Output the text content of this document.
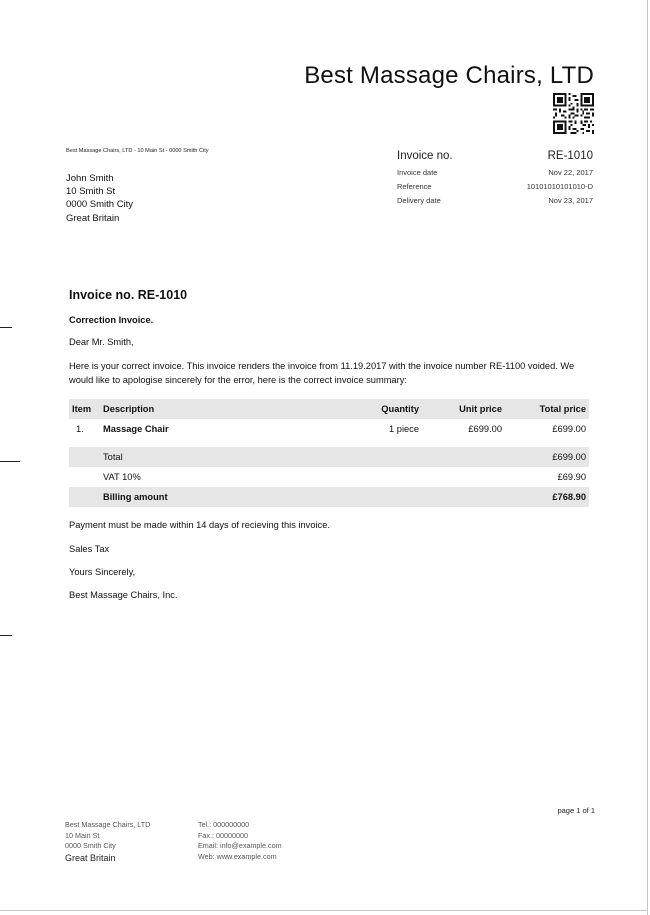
Best Massage Chairs, LTD
Best Massage Chairs, LTD - 10 Main St - 0000 Smith City
John Smith
10 Smith St
0000 Smith City
Great Britain
Invoice no.	RE-1010
Invoice date	Nov 22, 2017
Reference	10101010101010-D
Delivery date	Nov 23, 2017
Invoice no. RE-1010
Correction Invoice.
Dear Mr. Smith,
Here is your correct invoice. This invoice renders the invoice from 11.19.2017 with the invoice number RE-1100 voided. We would like to apologise sincerely for the error, here is the correct invoice summary:
Item	Description	Quantity	Unit price	Total price
1.	Massage Chair	1 piece	£699.00	£699.00

	Total			£699.00
	VAT 10%			£69.90
	Billing amount			£768.90

Payment must be made within 14 days of recieving this invoice.

Sales Tax

Yours Sincerely,

Best Massage Chairs, Inc.

page 1 of 1
Best Massage Chairs, LTD
10 Main St
0000 Smith City
Great Britain
Tel.: 000000000
Fax.: 00000000
Email: info@example.com
Web: www.example.com
